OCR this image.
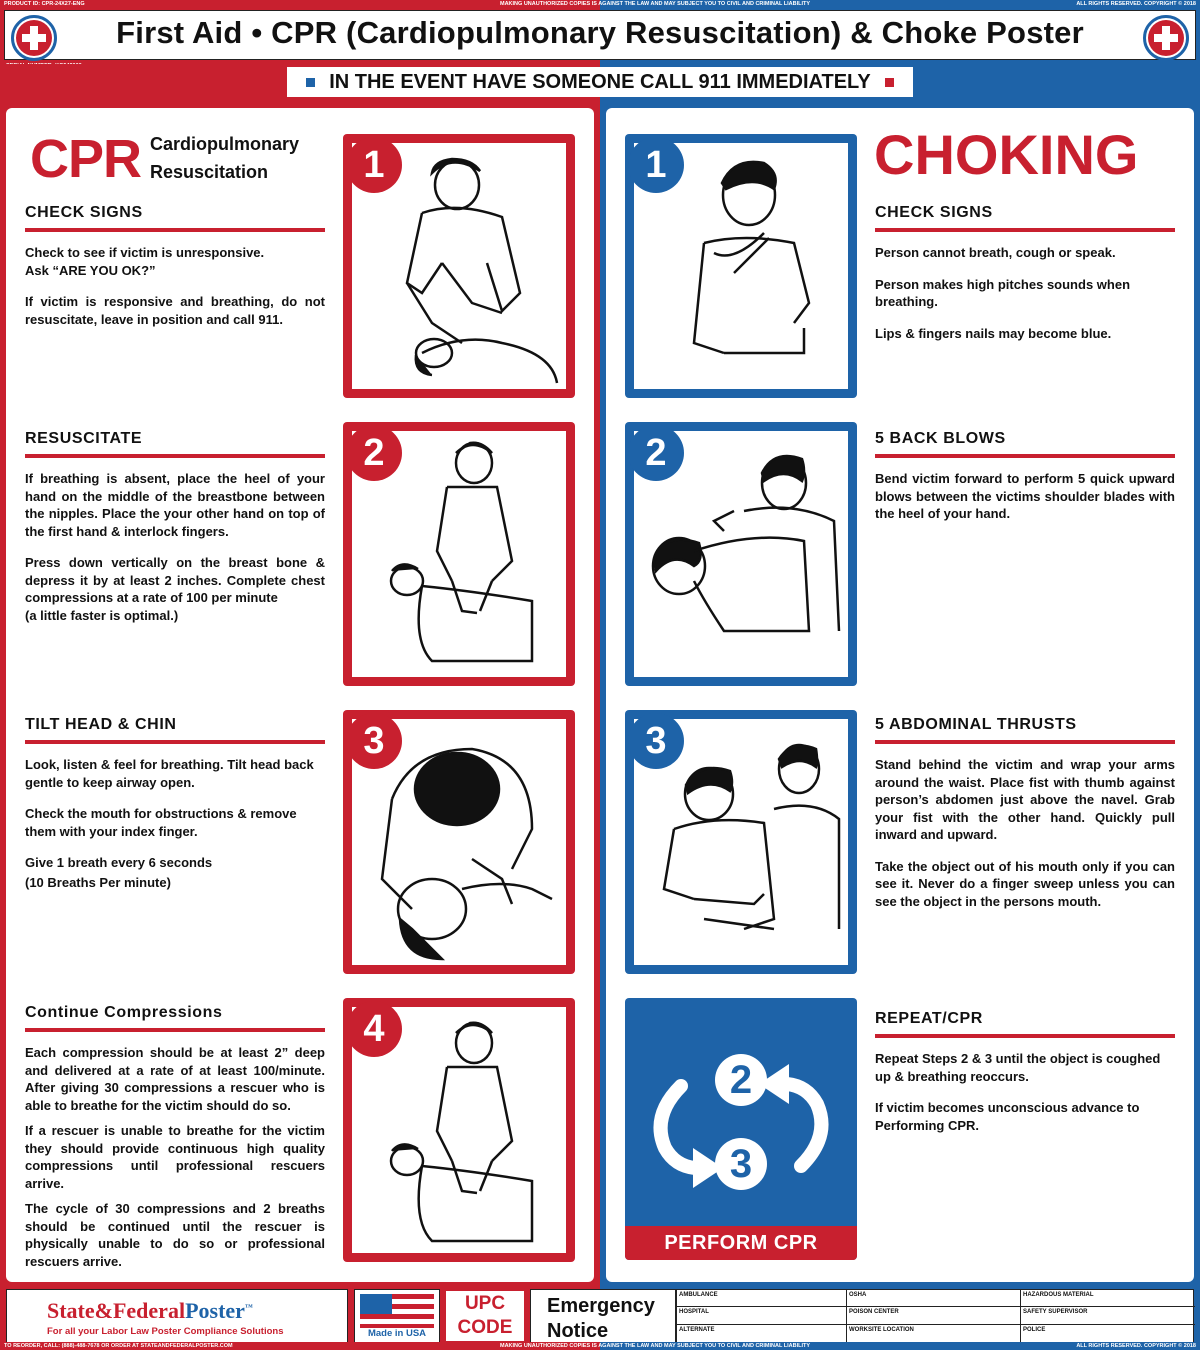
PRODUCT ID: CPR-24X27-ENG	MAKING UNAUTHORIZED COPIES IS AGAINST THE LAW AND MAY SUBJECT YOU TO CIVIL AND CRIMINAL LIABILITY	ALL RIGHTS RESERVED. COPYRIGHT © 2018
First Aid • CPR (Cardiopulmonary Resuscitation) & Choke Poster
IN THE EVENT HAVE SOMEONE CALL 911 IMMEDIATELY
CPR Cardiopulmonary
Resuscitation
CHECK SIGNS

Check to see if victim is unresponsive.

Ask “ARE YOU OK?”

If victim is responsive and breathing, do not resuscitate, leave in position and call 911.

1
RESUSCITATE

If breathing is absent, place the heel of your hand on the middle of the breastbone between the nipples. Place the your other hand on top of the first hand & interlock fingers.

Press down vertically on the breast bone & depress it by at least 2 inches. Complete chest compressions at a rate of 100 per minute

(a little faster is optimal.)

2
TILT HEAD & CHIN

Look, listen & feel for breathing. Tilt head back gentle to keep airway open.

Check the mouth for obstructions & remove them with your index finger.

Give 1 breath every 6 seconds

(10 Breaths Per minute)

3
Continue Compressions

Each compression should be at least 2” deep and delivered at a rate of at least 100/minute. After giving 30 compressions a rescuer who is able to breathe for the victim should do so.

If a rescuer is unable to breathe for the victim they should provide continuous high quality compressions until professional rescuers arrive.

The cycle of 30 compressions and 2 breaths should be continued until the rescuer is physically unable to do so or professional rescuers arrive.

4
CHOKING
1
CHECK SIGNS

Person cannot breath, cough or speak.

Person makes high pitches sounds when breathing.

Lips & fingers nails may become blue.

2	5 BACK BLOWS

Bend victim forward to perform 5 quick upward blows between the victims shoulder blades with the heel of your hand.

3	5 ABDOMINAL THRUSTS

Stand behind the victim and wrap your arms around the waist. Place fist with thumb against person’s abdomen just above the navel. Grab your fist with the other hand. Quickly pull inward and upward.

Take the object out of his mouth only if you can see it. Never do a finger sweep unless you can see the object in the persons mouth.

2
3
PERFORM CPR
REPEAT/CPR

Repeat Steps 2 & 3 until the object is coughed up & breathing reoccurs.

If victim becomes unconscious advance to Performing CPR.

State&FederalPoster™
For all your Labor Law Poster Compliance Solutions	Made in USA
UPC
CODE
Emergency
Notice
AMBULANCE	OSHA	HAZARDOUS MATERIAL
HOSPITAL	POISON CENTER	SAFETY SUPERVISOR
ALTERNATE	WORKSITE LOCATION	POLICE
TO REORDER, CALL: (888)-488-7678 OR ORDER AT STATEANDFEDERALPOSTER.COM	MAKING UNAUTHORIZED COPIES IS AGAINST THE LAW AND MAY SUBJECT YOU TO CIVIL AND CRIMINAL LIABILITY	ALL RIGHTS RESERVED. COPYRIGHT © 2018
